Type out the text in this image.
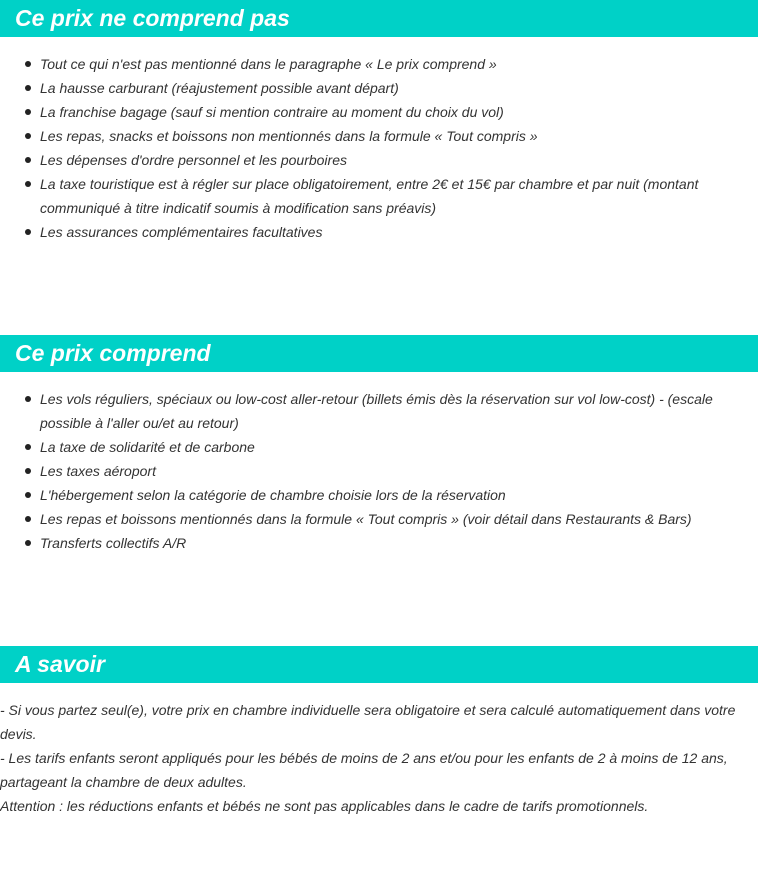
Ce prix ne comprend pas
Tout ce qui n'est pas mentionné dans le paragraphe « Le prix comprend »
La hausse carburant (réajustement possible avant départ)
La franchise bagage (sauf si mention contraire au moment du choix du vol)
Les repas, snacks et boissons non mentionnés dans la formule « Tout compris »
Les dépenses d'ordre personnel et les pourboires
La taxe touristique est à régler sur place obligatoirement, entre 2€ et 15€ par chambre et par nuit (montant communiqué à titre indicatif soumis à modification sans préavis)
Les assurances complémentaires facultatives
Ce prix comprend
Les vols réguliers, spéciaux ou low-cost aller-retour (billets émis dès la réservation sur vol low-cost) - (escale possible à l'aller ou/et au retour)
La taxe de solidarité et de carbone
Les taxes aéroport
L'hébergement selon la catégorie de chambre choisie lors de la réservation
Les repas et boissons mentionnés dans la formule « Tout compris » (voir détail dans Restaurants & Bars)
Transferts collectifs A/R
A savoir

- Si vous partez seul(e), votre prix en chambre individuelle sera obligatoire et sera calculé automatiquement dans votre devis.

- Les tarifs enfants seront appliqués pour les bébés de moins de 2 ans et/ou pour les enfants de 2 à moins de 12 ans, partageant la chambre de deux adultes.

Attention : les réductions enfants et bébés ne sont pas applicables dans le cadre de tarifs promotionnels.
